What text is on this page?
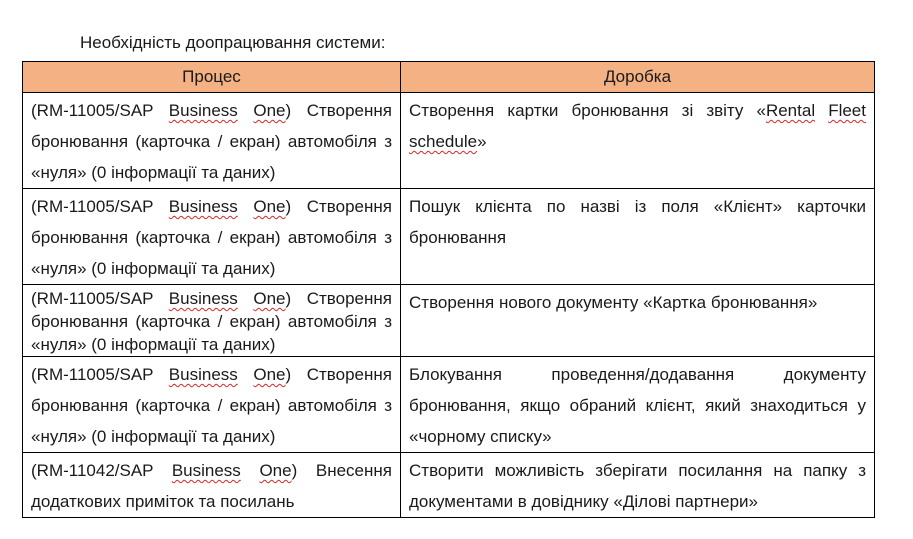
Необхідність доопрацювання системи:
Процес	Доробка
(RM-11005/SAP Business One) Створення бронювання (карточка / екран) автомобіля з «нуля» (0 інформації та даних)	Створення картки бронювання зі звіту «Rental Fleet schedule»
(RM-11005/SAP Business One) Створення бронювання (карточка / екран) автомобіля з «нуля» (0 інформації та даних)	Пошук клієнта по назві із поля «Клієнт» карточки бронювання
(RM-11005/SAP Business One) Створення бронювання (карточка / екран) автомобіля з «нуля» (0 інформації та даних)	Створення нового документу «Картка бронювання»
(RM-11005/SAP Business One) Створення бронювання (карточка / екран) автомобіля з «нуля» (0 інформації та даних)	Блокування проведення/додавання документу бронювання, якщо обраний клієнт, який знаходиться у «чорному списку»
(RM-11042/SAP Business One) Внесення додаткових приміток та посилань	Створити можливість зберігати посилання на папку з документами в довіднику «Ділові партнери»
